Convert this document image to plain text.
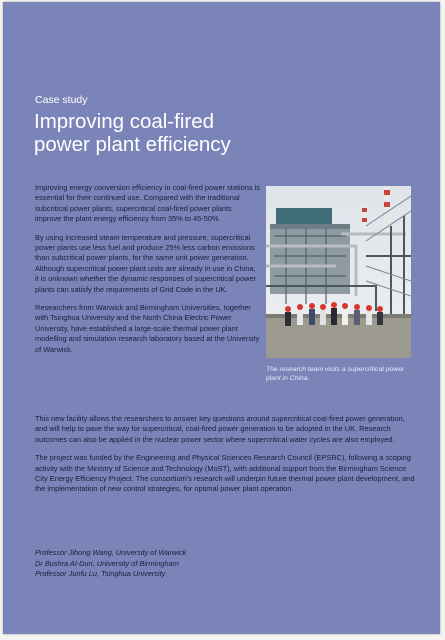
Case study
Improving coal-fired
power plant efficiency

Improving energy conversion efficiency in coal-fired power stations is essential for their continued use. Compared with the traditional subcritical power plants, supercritical coal-fired power plants improve the plant energy efficiency from 35% to 45-50%.

By using increased steam temperature and pressure, supercritical power plants use less fuel and produce 25% less carbon emissions than subcritical power plants, for the same unit power generation. Although supercritical power plant units are already in use in China, it is unknown whether the dynamic responses of supercritical power plants can satisfy the requirements of Grid Code in the UK.

Researchers from Warwick and Birmingham Universities, together with Tsinghua University and the North China Electric Power University, have established a large-scale thermal power plant modelling and simulation research laboratory based at the University of Warwick.

The research team visits a supercritical power plant in China.

This new facility allows the researchers to answer key questions around supercritical coal-fired power generation, and will help to pave the way for supercritical, coal-fired power generation to be adopted in the UK. Research outcomes can also be applied in the nuclear power sector where supercritical water cycles are also employed.

The project was funded by the Engineering and Physical Sciences Research Council (EPSRC), following a scoping activity with the Ministry of Science and Technology (MoST), with additional support from the Birmingham Science City Energy Efficiency Project. The consortium's research will underpin future thermal power plant development, and the implementation of new control strategies, for optimal power plant operation.

Professor Jihong Wang, University of Warwick
Dr Bushra Al-Duri, University of Birmingham
Professor Junfu Lu, Tsinghua University
